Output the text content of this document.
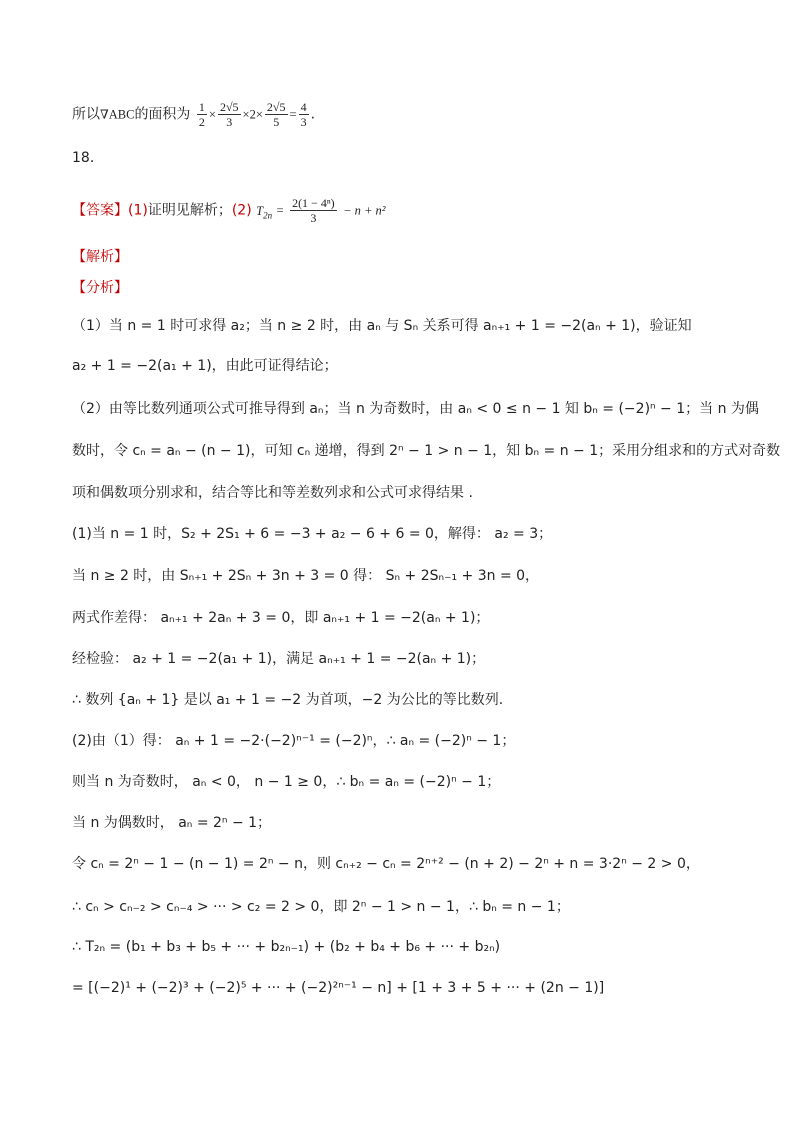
所以∇ABC的面积为 $\frac{1}{2} \times \frac{2√5}{3} \times 2\times \frac{2√5}{5} = \frac{4}{3}$ .
18．
【答案】(1)证明见解析；(2) $T_{2n} = \frac{\text{2(1 − 4ⁿ)}}{3} - n + n^2$
【解析】
【分析】
（1）当 n = 1 时可求得 a₂；当 n ≥ 2 时，由 aₙ 与 Sₙ 关系可得 aₙ₊₁ + 1 = −2(aₙ + 1)，验证知
a₂ + 1 = −2(a₁ + 1)，由此可证得结论；
（2）由等比数列通项公式可推导得到 aₙ；当 n 为奇数时，由 aₙ < 0 ≤ n − 1 知 bₙ = (−2)ⁿ − 1；当 n 为偶
数时，令 cₙ = aₙ − (n − 1)，可知 cₙ 递增，得到 2ⁿ − 1 > n − 1，知 bₙ = n − 1；采用分组求和的方式对奇数
项和偶数项分别求和，结合等比和等差数列求和公式可求得结果 .
(1)当 n = 1 时，S₂ + 2S₁ + 6 = −3 + a₂ − 6 + 6 = 0，解得： a₂ = 3；
当 n ≥ 2 时，由 Sₙ₊₁ + 2Sₙ + 3n + 3 = 0 得： Sₙ + 2Sₙ₋₁ + 3n = 0，
两式作差得： aₙ₊₁ + 2aₙ + 3 = 0，即 aₙ₊₁ + 1 = −2(aₙ + 1)；
经检验： a₂ + 1 = −2(a₁ + 1)，满足 aₙ₊₁ + 1 = −2(aₙ + 1)；
∴ 数列 {aₙ + 1} 是以 a₁ + 1 = −2 为首项，−2 为公比的等比数列.
(2)由（1）得： aₙ + 1 = −2·(−2)ⁿ⁻¹ = (−2)ⁿ，∴ aₙ = (−2)ⁿ − 1；
则当 n 为奇数时， aₙ < 0， n − 1 ≥ 0，∴ bₙ = aₙ = (−2)ⁿ − 1；
当 n 为偶数时， aₙ = 2ⁿ − 1；
令 cₙ = 2ⁿ − 1 − (n − 1) = 2ⁿ − n，则 cₙ₊₂ − cₙ = 2ⁿ⁺² − (n + 2) − 2ⁿ + n = 3·2ⁿ − 2 > 0，
∴ cₙ > cₙ₋₂ > cₙ₋₄ > ··· > c₂ = 2 > 0，即 2ⁿ − 1 > n − 1，∴ bₙ = n − 1；
∴ T₂ₙ = (b₁ + b₃ + b₅ + ··· + b₂ₙ₋₁) + (b₂ + b₄ + b₆ + ··· + b₂ₙ)
= [(−2)¹ + (−2)³ + (−2)⁵ + ··· + (−2)²ⁿ⁻¹ − n] + [1 + 3 + 5 + ··· + (2n − 1)]
